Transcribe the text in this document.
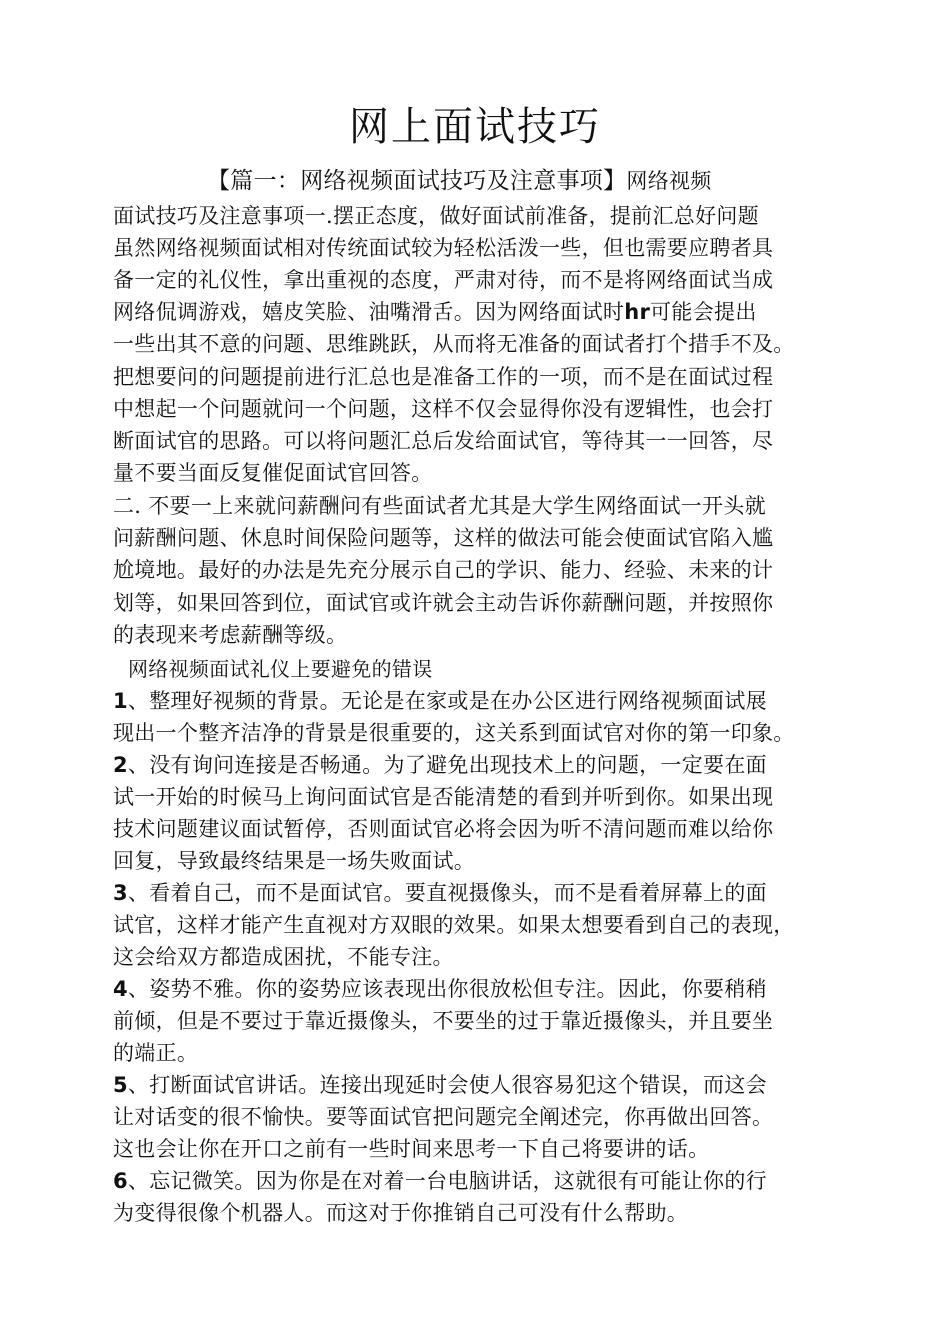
网上面试技巧
【篇一：网络视频面试技巧及注意事项】网络视频
面试技巧及注意事项一.摆正态度，做好面试前准备，提前汇总好问题
虽然网络视频面试相对传统面试较为轻松活泼一些，但也需要应聘者具
备一定的礼仪性，拿出重视的态度，严肃对待，而不是将网络面试当成
网络侃调游戏，嬉皮笑脸、油嘴滑舌。因为网络面试时hr可能会提出
一些出其不意的问题、思维跳跃，从而将无准备的面试者打个措手不及。
把想要问的问题提前进行汇总也是准备工作的一项，而不是在面试过程
中想起一个问题就问一个问题，这样不仅会显得你没有逻辑性，也会打
断面试官的思路。可以将问题汇总后发给面试官，等待其一一回答，尽
量不要当面反复催促面试官回答。
二. 不要一上来就问薪酬问有些面试者尤其是大学生网络面试一开头就
问薪酬问题、休息时间保险问题等，这样的做法可能会使面试官陷入尴
尬境地。最好的办法是先充分展示自己的学识、能力、经验、未来的计
划等，如果回答到位，面试官或许就会主动告诉你薪酬问题，并按照你
的表现来考虑薪酬等级。
网络视频面试礼仪上要避免的错误
1、整理好视频的背景。无论是在家或是在办公区进行网络视频面试展
现出一个整齐洁净的背景是很重要的，这关系到面试官对你的第一印象。
2、没有询问连接是否畅通。为了避免出现技术上的问题，一定要在面
试一开始的时候马上询问面试官是否能清楚的看到并听到你。如果出现
技术问题建议面试暂停，否则面试官必将会因为听不清问题而难以给你
回复，导致最终结果是一场失败面试。
3、看着自己，而不是面试官。要直视摄像头，而不是看着屏幕上的面
试官，这样才能产生直视对方双眼的效果。如果太想要看到自己的表现，
这会给双方都造成困扰，不能专注。
4、姿势不雅。你的姿势应该表现出你很放松但专注。因此，你要稍稍
前倾，但是不要过于靠近摄像头，不要坐的过于靠近摄像头，并且要坐
的端正。
5、打断面试官讲话。连接出现延时会使人很容易犯这个错误，而这会
让对话变的很不愉快。要等面试官把问题完全阐述完，你再做出回答。
这也会让你在开口之前有一些时间来思考一下自己将要讲的话。
6、忘记微笑。因为你是在对着一台电脑讲话，这就很有可能让你的行
为变得很像个机器人。而这对于你推销自己可没有什么帮助。
